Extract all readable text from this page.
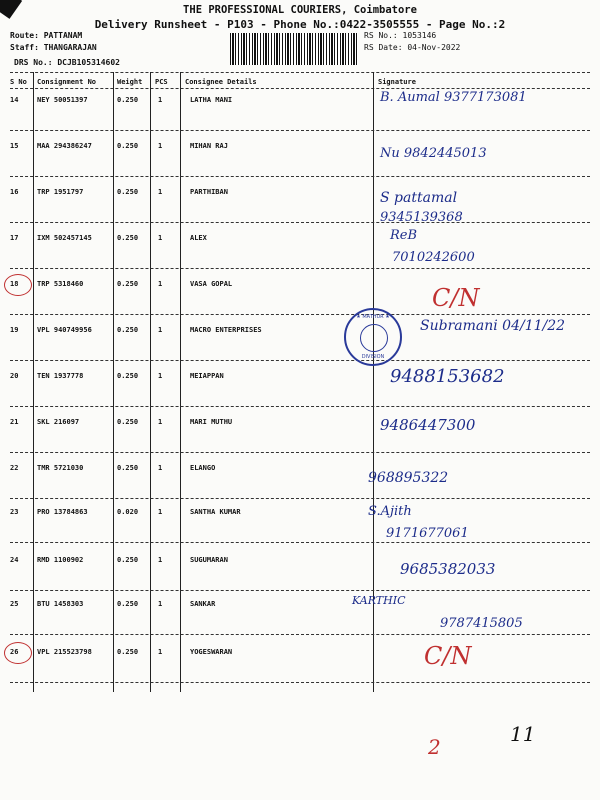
THE PROFESSIONAL COURIERS, Coimbatore
Delivery Runsheet - P103 - Phone No.:0422-3505555 - Page No.:2
Route: PATTANAM
Staff: THANGARAJAN
DRS No.: DCJB105314602
RS No.: 1053146
RS Date: 04-Nov-2022
S No Consignment No	Weight PCS Consignee Details	Signature
14	NEY 50051397	0.250	1	LATHA MANI	B. Aumal 9377173081
15	MAA 294386247	0.250	1	MIHAN RAJ	Nu 9842445013
16	TRP 1951797	0.250	1	PARTHIBAN	S pattamal
9345139368
17	IXM 502457145	0.250	1	ALEX	ReB
7010242600
18	TRP 5318460	0.250	1	VASA GOPAL	C/N
19	VPL 940749956	0.250	1	MACRO ENTERPRISES	Subramani 04/11/22
20	TEN 1937778	0.250	1	MEIAPPAN	9488153682
21	SKL 216097	0.250	1	MARI MUTHU	9486447300
22	TMR 5721030	0.250	1	ELANGO
968895322
23	PRO 13784863	0.020	1	SANTHA KUMAR	S.Ajith
9171677061
24	RMD 1100902	0.250	1	SUGUMARAN	9685382033
25	BTU 1458303	0.250	1	SANKAR	KARTHIC
9787415805
26	VPL 215523798	0.250	1	YOGESWARAN	C/N
2
11
★ MATHUR ★
DIVISION
